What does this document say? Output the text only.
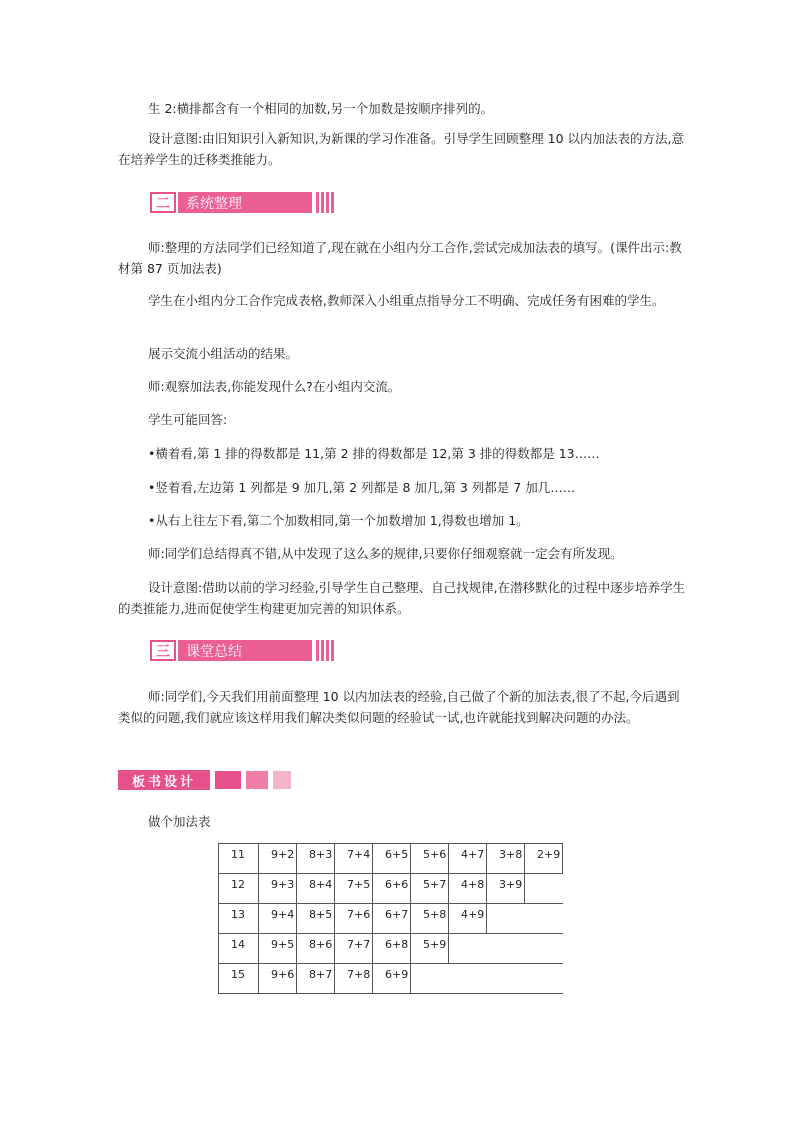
生 2:横排都含有一个相同的加数,另一个加数是按顺序排列的。

设计意图:由旧知识引入新知识,为新课的学习作准备。引导学生回顾整理 10 以内加法表的方法,意在培养学生的迁移类推能力。

二	系统整理

师:整理的方法同学们已经知道了,现在就在小组内分工合作,尝试完成加法表的填写。(课件出示:教材第 87 页加法表)

学生在小组内分工合作完成表格,教师深入小组重点指导分工不明确、完成任务有困难的学生。

展示交流小组活动的结果。

师:观察加法表,你能发现什么?在小组内交流。

学生可能回答:

•横着看,第 1 排的得数都是 11,第 2 排的得数都是 12,第 3 排的得数都是 13……

•竖着看,左边第 1 列都是 9 加几,第 2 列都是 8 加几,第 3 列都是 7 加几……

•从右上往左下看,第二个加数相同,第一个加数增加 1,得数也增加 1。

师:同学们总结得真不错,从中发现了这么多的规律,只要你仔细观察就一定会有所发现。

设计意图:借助以前的学习经验,引导学生自己整理、自己找规律,在潜移默化的过程中逐步培养学生的类推能力,进而促使学生构建更加完善的知识体系。

三	课堂总结

师:同学们,今天我们用前面整理 10 以内加法表的经验,自己做了个新的加法表,很了不起,今后遇到类似的问题,我们就应该这样用我们解决类似问题的经验试一试,也许就能找到解决问题的办法。

板书设计

做个加法表

11	9+2	8+3	7+4	6+5	5+6	4+7	3+8	2+9
12	9+3	8+4	7+5	6+6	5+7	4+8	3+9	
13	9+4	8+5	7+6	6+7	5+8	4+9		
14	9+5	8+6	7+7	6+8	5+9			
15	9+6	8+7	7+8	6+9				
